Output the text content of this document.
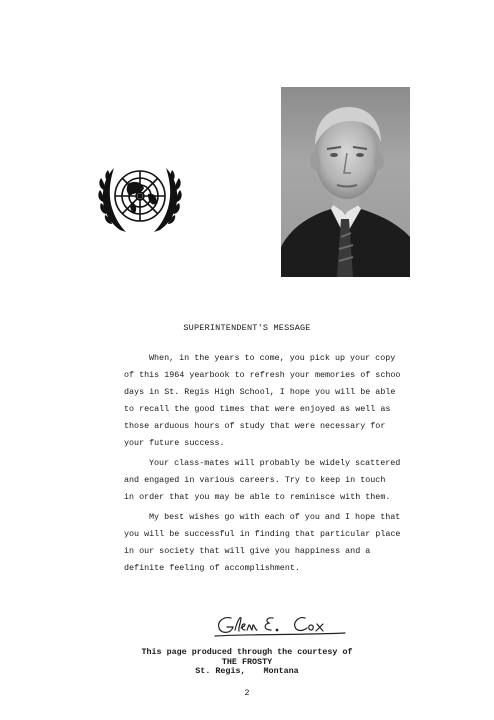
SUPERINTENDENT'S MESSAGE
When, in the years to come, you pick up your copy
of this 1964 yearbook to refresh your memories of schoo
days in St. Regis High School, I hope you will be able
to recall the good times that were enjoyed as well as
those arduous hours of study that were necessary for
your future success.
Your class-mates will probably be widely scattered
and engaged in various careers. Try to keep in touch
in order that you may be able to reminisce with them.
My best wishes go with each of you and I hope that
you will be successful in finding that particular place
in our society that will give you happiness and a
definite feeling of accomplishment.
This page produced through the courtesy of
THE FROSTY
St. Regis, Montana
2
